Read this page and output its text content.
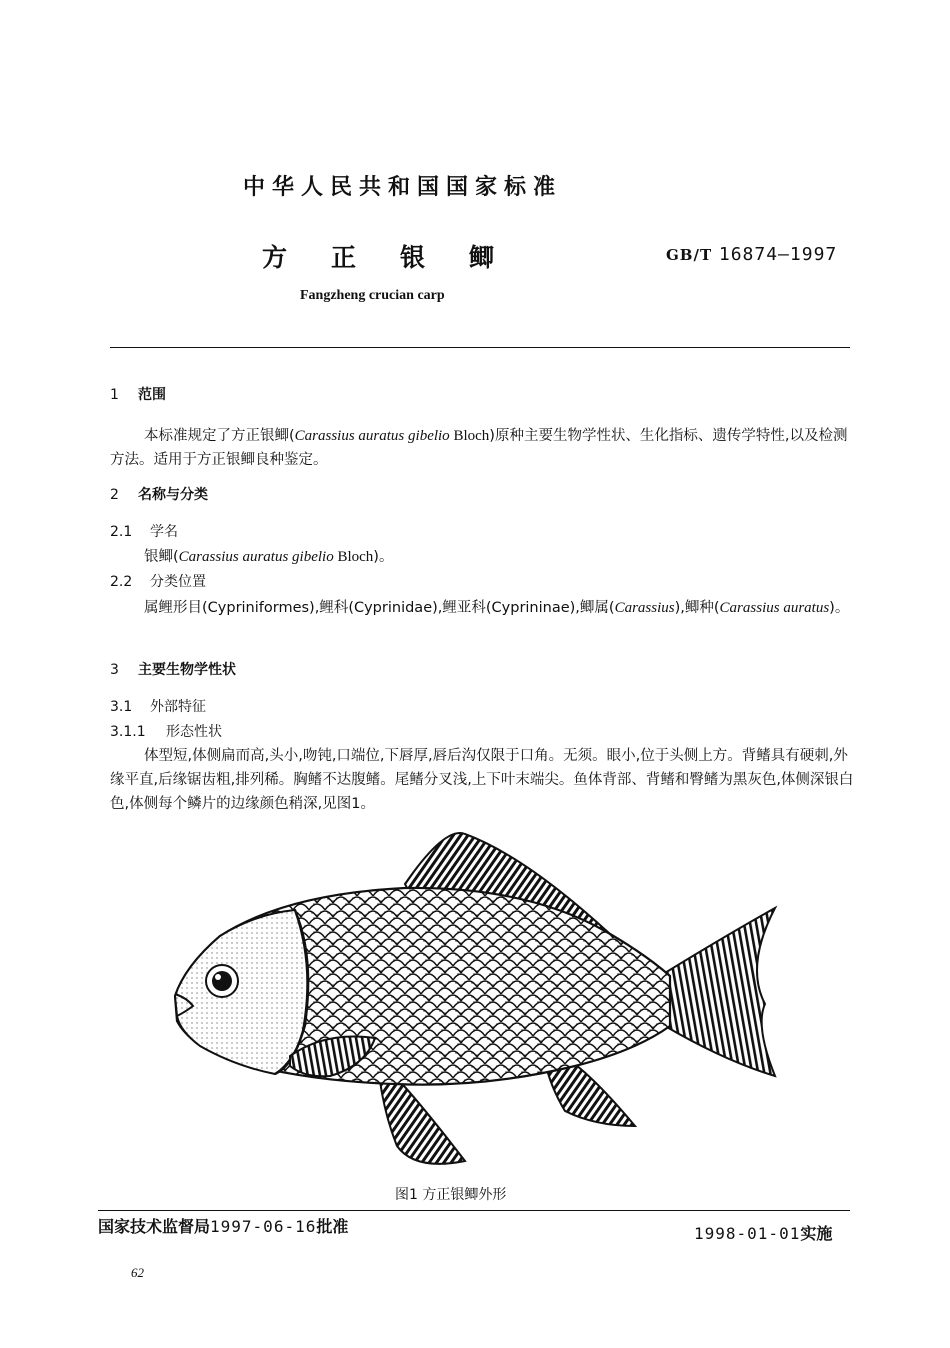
中华人民共和国国家标准
方正银鲫	GB/T 16874—1997
Fangzheng crucian carp
1 范围
本标准规定了方正银鲫(Carassius auratus gibelio Bloch)原种主要生物学性状、生化指标、遗传学特性,以及检测方法。适用于方正银鲫良种鉴定。
2 名称与分类
2.1 学名
银鲫(Carassius auratus gibelio Bloch)。
2.2 分类位置
属鲤形目(Cypriniformes),鲤科(Cyprinidae),鲤亚科(Cyprininae),鲫属(Carassius),鲫种(Carassius auratus)。
3 主要生物学性状
3.1 外部特征
3.1.1 形态性状
体型短,体侧扁而高,头小,吻钝,口端位,下唇厚,唇后沟仅限于口角。无须。眼小,位于头侧上方。背鳍具有硬刺,外缘平直,后缘锯齿粗,排列稀。胸鳍不达腹鳍。尾鳍分叉浅,上下叶末端尖。鱼体背部、背鳍和臀鳍为黑灰色,体侧深银白色,体侧每个鳞片的边缘颜色稍深,见图1。
图1 方正银鲫外形
国家技术监督局1997-06-16批准	1998-01-01实施
62
